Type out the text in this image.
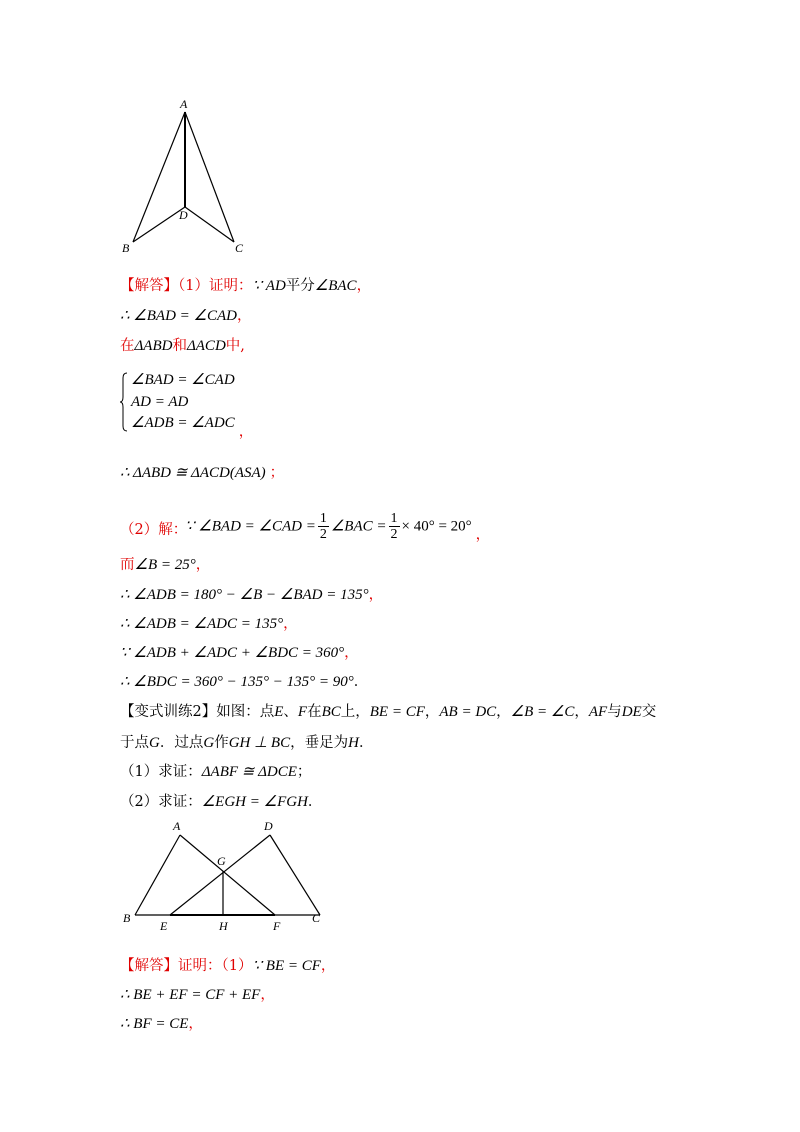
A
D
B	C
【解答】（1）证明：∵ AD平分∠BAC，
∴ ∠BAD = ∠CAD，
在ΔABD和ΔACD中,
∠BAD = ∠CAD
AD = AD
∠ADB = ∠ADC，
∴ ΔABD ≅ ΔACD(ASA) ；
（2）解：
∵ ∠BAD = ∠CAD = $\frac{1}{2}$ ∠BAC = $\frac{1}{2} \times 40^\circ = 20^\circ$ ，
而∠B = 25°，
∴ ∠ADB = 180° − ∠B − ∠BAD = 135°，
∴ ∠ADB = ∠ADC = 135°，
∵ ∠ADB + ∠ADC + ∠BDC = 360°，
∴ ∠BDC = 360° − 135° − 135° = 90°．
【变式训练2】如图：点E、F在BC上，BE = CF，AB = DC，∠B = ∠C，AF与DE交
于点G．过点G作GH ⊥ BC，垂足为H．
（1）求证：ΔABF ≅ ΔDCE；
（2）求证：∠EGH = ∠FGH．
A	D
G
B
E	H	F
C
【解答】证明：（1）∵ BE = CF，
∴ BE + EF = CF + EF，
∴ BF = CE，
